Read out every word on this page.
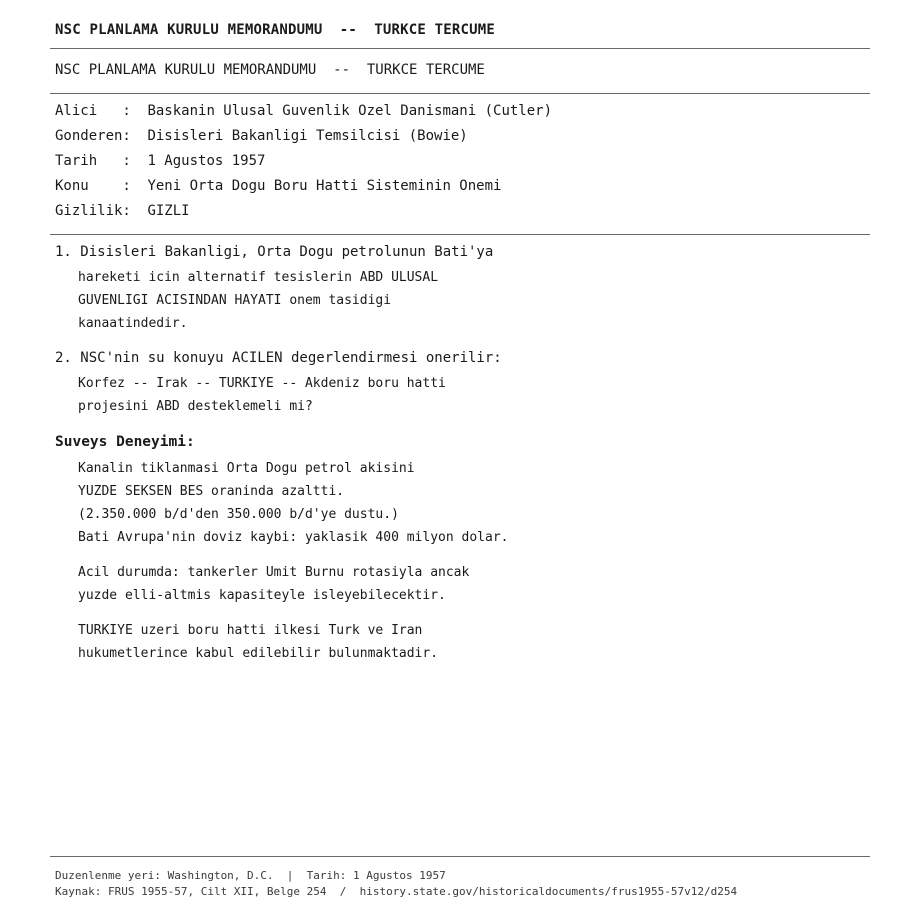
NSC PLANLAMA KURULU MEMORANDUMU  --  TURKCE TERCUME
NSC PLANLAMA KURULU MEMORANDUMU  --  TURKCE TERCUME
Alici   : Baskanin Ulusal Guvenlik Ozel Danismani (Cutler)
Gonderen: Disisleri Bakanligi Temsilcisi (Bowie)
Tarih   : 1 Agustos 1957
Konu    : Yeni Orta Dogu Boru Hatti Sisteminin Onemi
Gizlilik: GIZLI
1. Disisleri Bakanligi, Orta Dogu petrolunun Bati'ya
hareketi icin alternatif tesislerin ABD ULUSAL
GUVENLIGI ACISINDAN HAYATI onem tasidigi
kanaatindedir.
2. NSC'nin su konuyu ACILEN degerlendirmesi onerilir:
Korfez -- Irak -- TURKIYE -- Akdeniz boru hatti
projesini ABD desteklemeli mi?
Suveys Deneyimi:
Kanalin tiklanmasi Orta Dogu petrol akisini
YUZDE SEKSEN BES oraninda azaltti.
(2.350.000 b/d'den 350.000 b/d'ye dustu.)
Bati Avrupa'nin doviz kaybi: yaklasik 400 milyon dolar.
Acil durumda: tankerler Umit Burnu rotasiyla ancak
yuzde elli-altmis kapasiteyle isleyebilecektir.
TURKIYE uzeri boru hatti ilkesi Turk ve Iran
hukumetlerince kabul edilebilir bulunmaktadir.
Duzenlenme yeri: Washington, D.C.  |  Tarih: 1 Agustos 1957
Kaynak: FRUS 1955-57, Cilt XII, Belge 254  /  history.state.gov/historicaldocuments/frus1955-57v12/d254
